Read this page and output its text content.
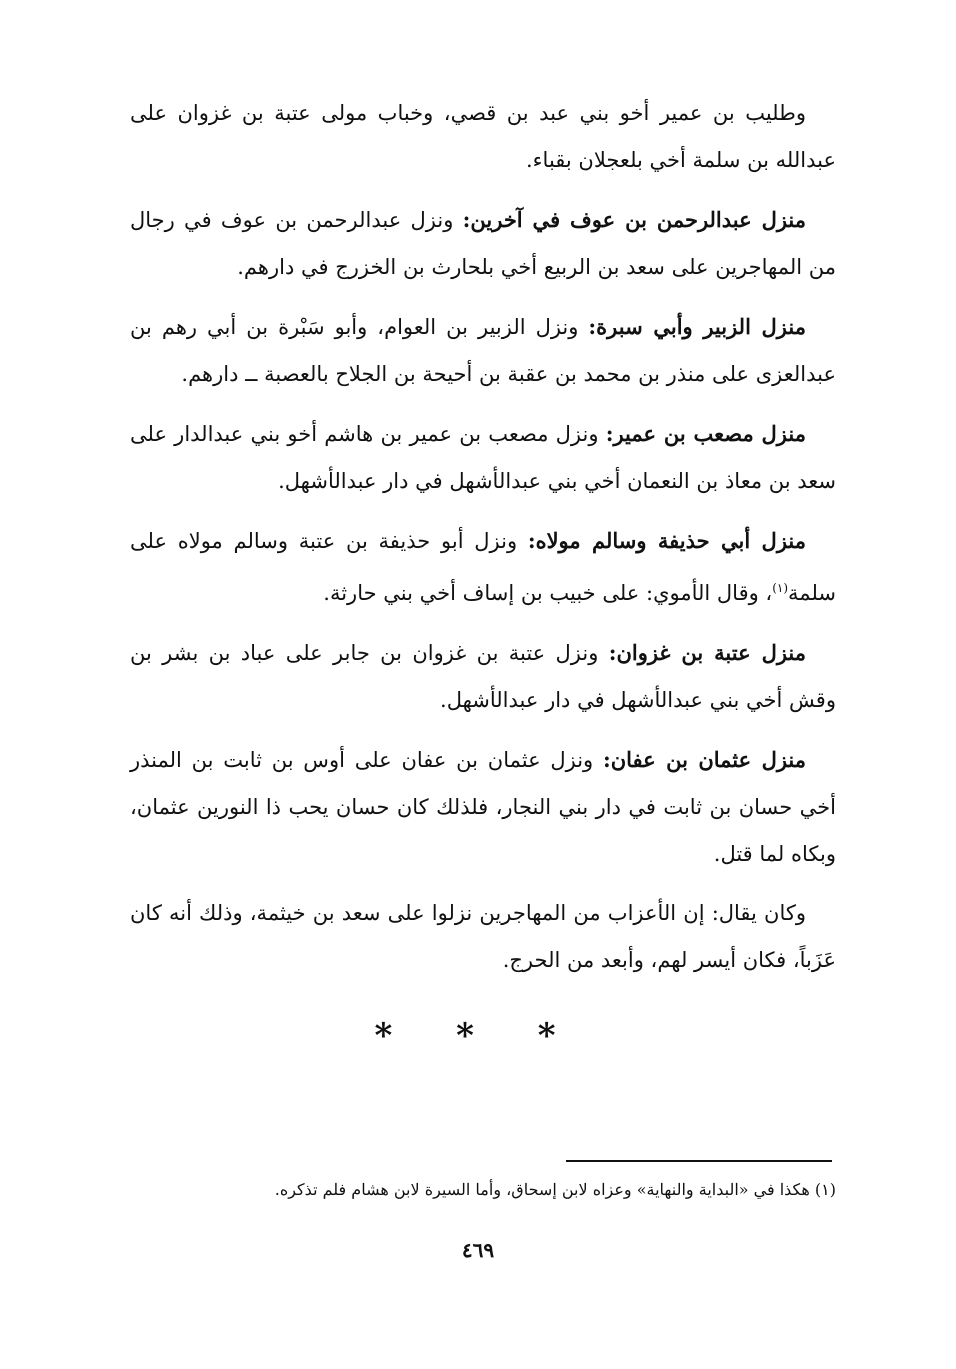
وطليب بن عمير أخو بني عبد بن قصي، وخباب مولى عتبة بن غزوان على عبدالله بن سلمة أخي بلعجلان بقباء.

منزل عبدالرحمن بن عوف في آخرين: ونزل عبدالرحمن بن عوف في رجال من المهاجرين على سعد بن الربيع أخي بلحارث بن الخزرج في دارهم.

منزل الزبير وأبي سبرة: ونزل الزبير بن العوام، وأبو سَبْرة بن أبي رهم بن عبدالعزى على منذر بن محمد بن عقبة بن أحيحة بن الجلاح بالعصبة ــ دارهم.

منزل مصعب بن عمير: ونزل مصعب بن عمير بن هاشم أخو بني عبدالدار على سعد بن معاذ بن النعمان أخي بني عبدالأشهل في دار عبدالأشهل.

منزل أبي حذيفة وسالم مولاه: ونزل أبو حذيفة بن عتبة وسالم مولاه على سلمة$^{(١)}$، وقال الأموي: على خبيب بن إساف أخي بني حارثة.

منزل عتبة بن غزوان: ونزل عتبة بن غزوان بن جابر على عباد بن بشر بن وقش أخي بني عبدالأشهل في دار عبدالأشهل.

منزل عثمان بن عفان: ونزل عثمان بن عفان على أوس بن ثابت بن المنذر أخي حسان بن ثابت في دار بني النجار، فلذلك كان حسان يحب ذا النورين عثمان، وبكاه لما قتل.

وكان يقال: إن الأعزاب من المهاجرين نزلوا على سعد بن خيثمة، وذلك أنه كان عَزَباً، فكان أيسر لهم، وأبعد من الحرج.

* * *
(١) هكذا في «البداية والنهاية» وعزاه لابن إسحاق، وأما السيرة لابن هشام فلم تذكره.
٤٦٩
